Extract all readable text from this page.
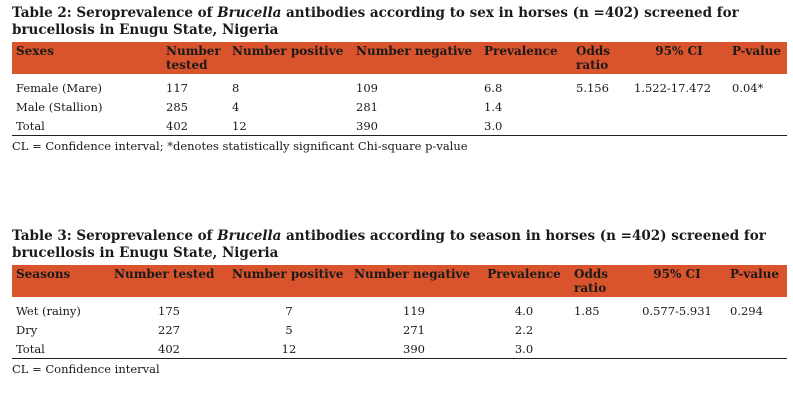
Table 2: Seroprevalence of Brucella antibodies according to sex in horses (n =402) screened for brucellosis in Enugu State, Nigeria

Sexes	Number tested	Number positive	Number negative	Prevalence	Odds ratio	95% CI	P-value
Female (Mare)	117	8	109	6.8	5.156	1.522-17.472	0.04*
Male (Stallion)	285	4	281	1.4			
Total	402	12	390	3.0			
CL = Confidence interval; *denotes statistically significant Chi-square p-value

Table 3: Seroprevalence of Brucella antibodies according to season in horses (n =402) screened for brucellosis in Enugu State, Nigeria

Seasons	Number tested	Number positive	Number negative	Prevalence	Odds ratio	95% CI	P-value
Wet (rainy)	175	7	119	4.0	1.85	0.577-5.931	0.294
Dry	227	5	271	2.2			
Total	402	12	390	3.0			
CL = Confidence interval
